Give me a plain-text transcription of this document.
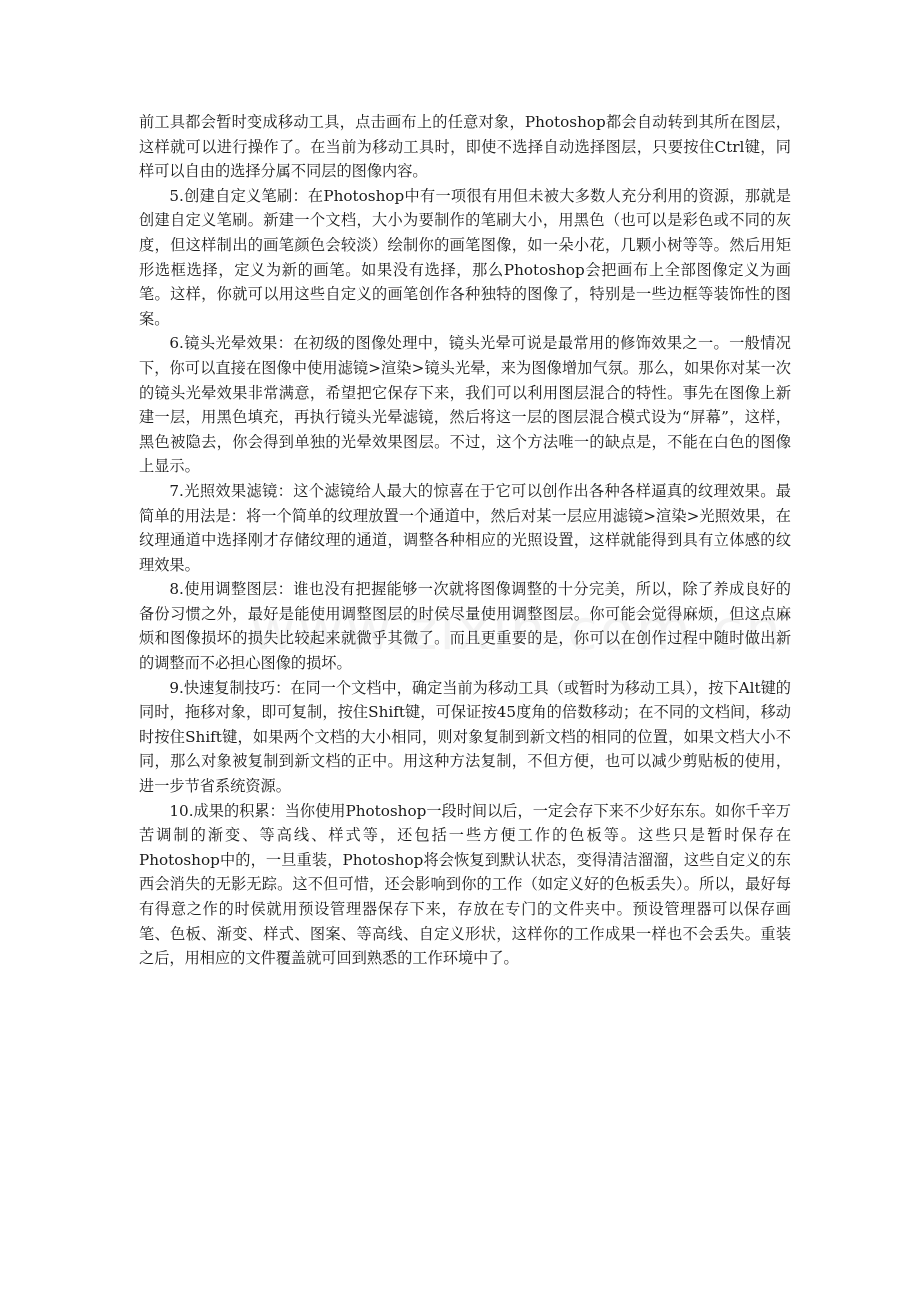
前工具都会暂时变成移动工具，点击画布上的任意对象，Photoshop都会自动转到其所在图层，这样就可以进行操作了。在当前为移动工具时，即使不选择自动选择图层，只要按住Ctrl键，同样可以自由的选择分属不同层的图像内容。

5.创建自定义笔刷：在Photoshop中有一项很有用但未被大多数人充分利用的资源，那就是创建自定义笔刷。新建一个文档，大小为要制作的笔刷大小，用黑色（也可以是彩色或不同的灰度，但这样制出的画笔颜色会较淡）绘制你的画笔图像，如一朵小花，几颗小树等等。然后用矩形选框选择，定义为新的画笔。如果没有选择，那么Photoshop会把画布上全部图像定义为画笔。这样，你就可以用这些自定义的画笔创作各种独特的图像了，特别是一些边框等装饰性的图案。

6.镜头光晕效果：在初级的图像处理中，镜头光晕可说是最常用的修饰效果之一。一般情况下，你可以直接在图像中使用滤镜>渲染>镜头光晕，来为图像增加气氛。那么，如果你对某一次的镜头光晕效果非常满意，希望把它保存下来，我们可以利用图层混合的特性。事先在图像上新建一层，用黑色填充，再执行镜头光晕滤镜，然后将这一层的图层混合模式设为“屏幕”，这样，黑色被隐去，你会得到单独的光晕效果图层。不过，这个方法唯一的缺点是，不能在白色的图像上显示。

7.光照效果滤镜：这个滤镜给人最大的惊喜在于它可以创作出各种各样逼真的纹理效果。最简单的用法是：将一个简单的纹理放置一个通道中，然后对某一层应用滤镜>渲染>光照效果，在纹理通道中选择刚才存储纹理的通道，调整各种相应的光照设置，这样就能得到具有立体感的纹理效果。

8.使用调整图层：谁也没有把握能够一次就将图像调整的十分完美，所以，除了养成良好的备份习惯之外，最好是能使用调整图层的时侯尽量使用调整图层。你可能会觉得麻烦，但这点麻烦和图像损坏的损失比较起来就微乎其微了。而且更重要的是，你可以在创作过程中随时做出新的调整而不必担心图像的损坏。

9.快速复制技巧：在同一个文档中，确定当前为移动工具（或暂时为移动工具），按下Alt键的同时，拖移对象，即可复制，按住Shift键，可保证按45度角的倍数移动；在不同的文档间，移动时按住Shift键，如果两个文档的大小相同，则对象复制到新文档的相同的位置，如果文档大小不同，那么对象被复制到新文档的正中。用这种方法复制，不但方便，也可以减少剪贴板的使用，进一步节省系统资源。

10.成果的积累：当你使用Photoshop一段时间以后，一定会存下来不少好东东。如你千辛万苦调制的渐变、等高线、样式等，还包括一些方便工作的色板等。这些只是暂时保存在Photoshop中的，一旦重装，Photoshop将会恢复到默认状态，变得清洁溜溜，这些自定义的东西会消失的无影无踪。这不但可惜，还会影响到你的工作（如定义好的色板丢失）。所以，最好每有得意之作的时侯就用预设管理器保存下来，存放在专门的文件夹中。预设管理器可以保存画笔、色板、渐变、样式、图案、等高线、自定义形状，这样你的工作成果一样也不会丢失。重装之后，用相应的文件覆盖就可回到熟悉的工作环境中了。
